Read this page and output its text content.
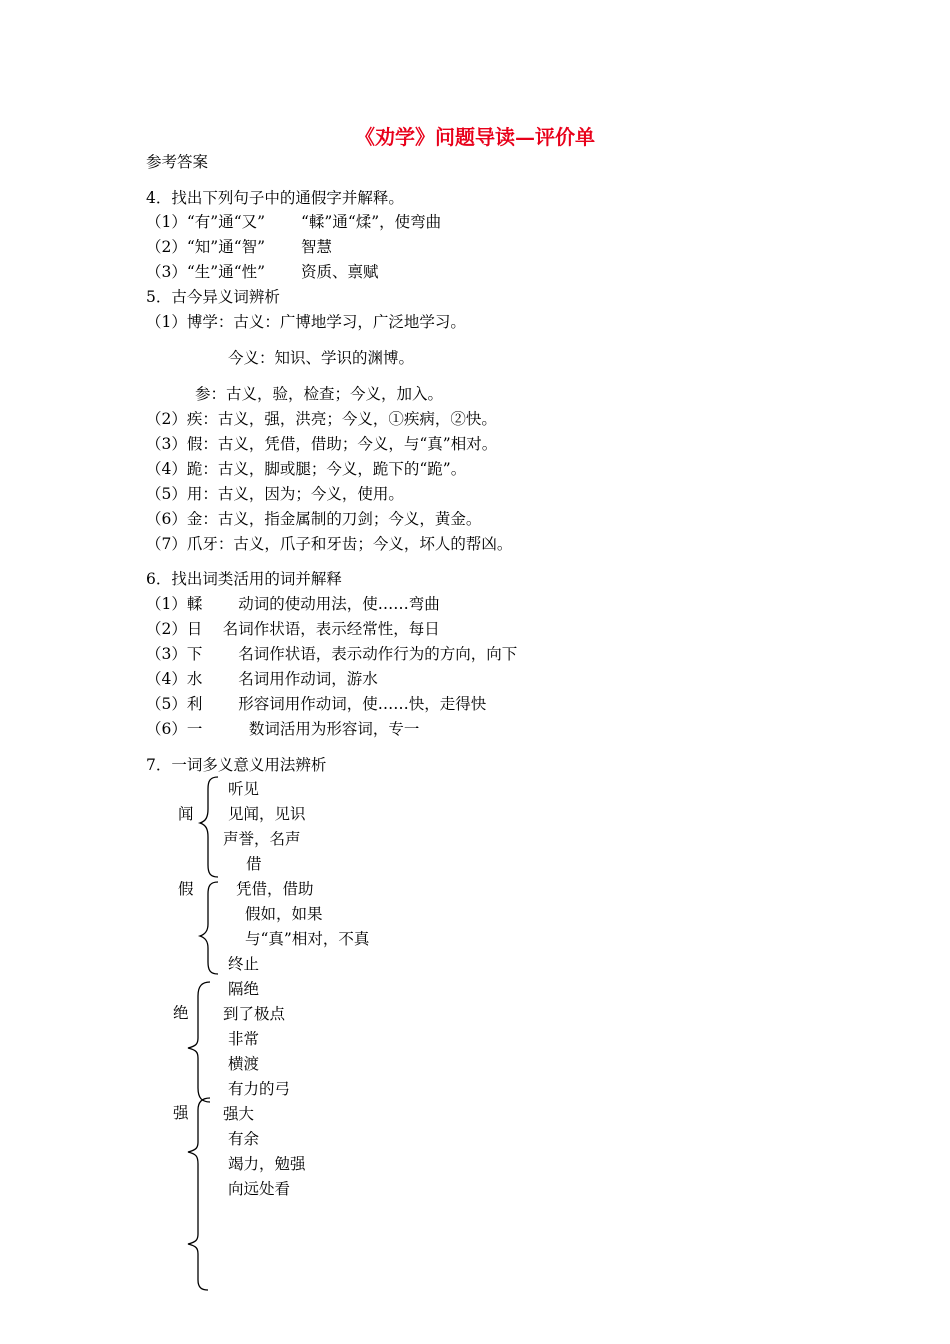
《劝学》问题导读—评价单
参考答案
4．找出下列句子中的通假字并解释。
（1）“有”通“又”　　 “輮”通“煣”，使弯曲
（2）“知”通“智”　　 智慧
（3）“生”通“性”　　 资质、禀赋
5．古今异义词辨析
（1）博学：古义：广博地学习，广泛地学习。
今义：知识、学识的渊博。
参：古义，验，检查；今义，加入。
（2）疾：古义，强，洪亮；今义，①疾病，②快。
（3）假：古义，凭借，借助；今义，与“真”相对。
（4）跪：古义，脚或腿；今义，跪下的“跪”。
（5）用：古义，因为；今义，使用。
（6）金：古义，指金属制的刀剑；今义，黄金。
（7）爪牙：古义，爪子和牙齿；今义，坏人的帮凶。
6．找出词类活用的词并解释
（1）輮　　 动词的使动用法，使……弯曲
（2）日　 名词作状语，表示经常性，每日
（3）下　　 名词作状语，表示动作行为的方向，向下
（4）水　　 名词用作动词，游水
（5）利　　 形容词用作动词，使……快，走得快
（6）一　　　数词活用为形容词，专一
7．一词多义意义用法辨析
闻
假
绝
强
听见
见闻，见识
声誉，名声
借
凭借，借助
假如，如果
与“真”相对，不真
终止
隔绝
到了极点
非常
横渡
有力的弓
强大
有余
竭力，勉强
向远处看
